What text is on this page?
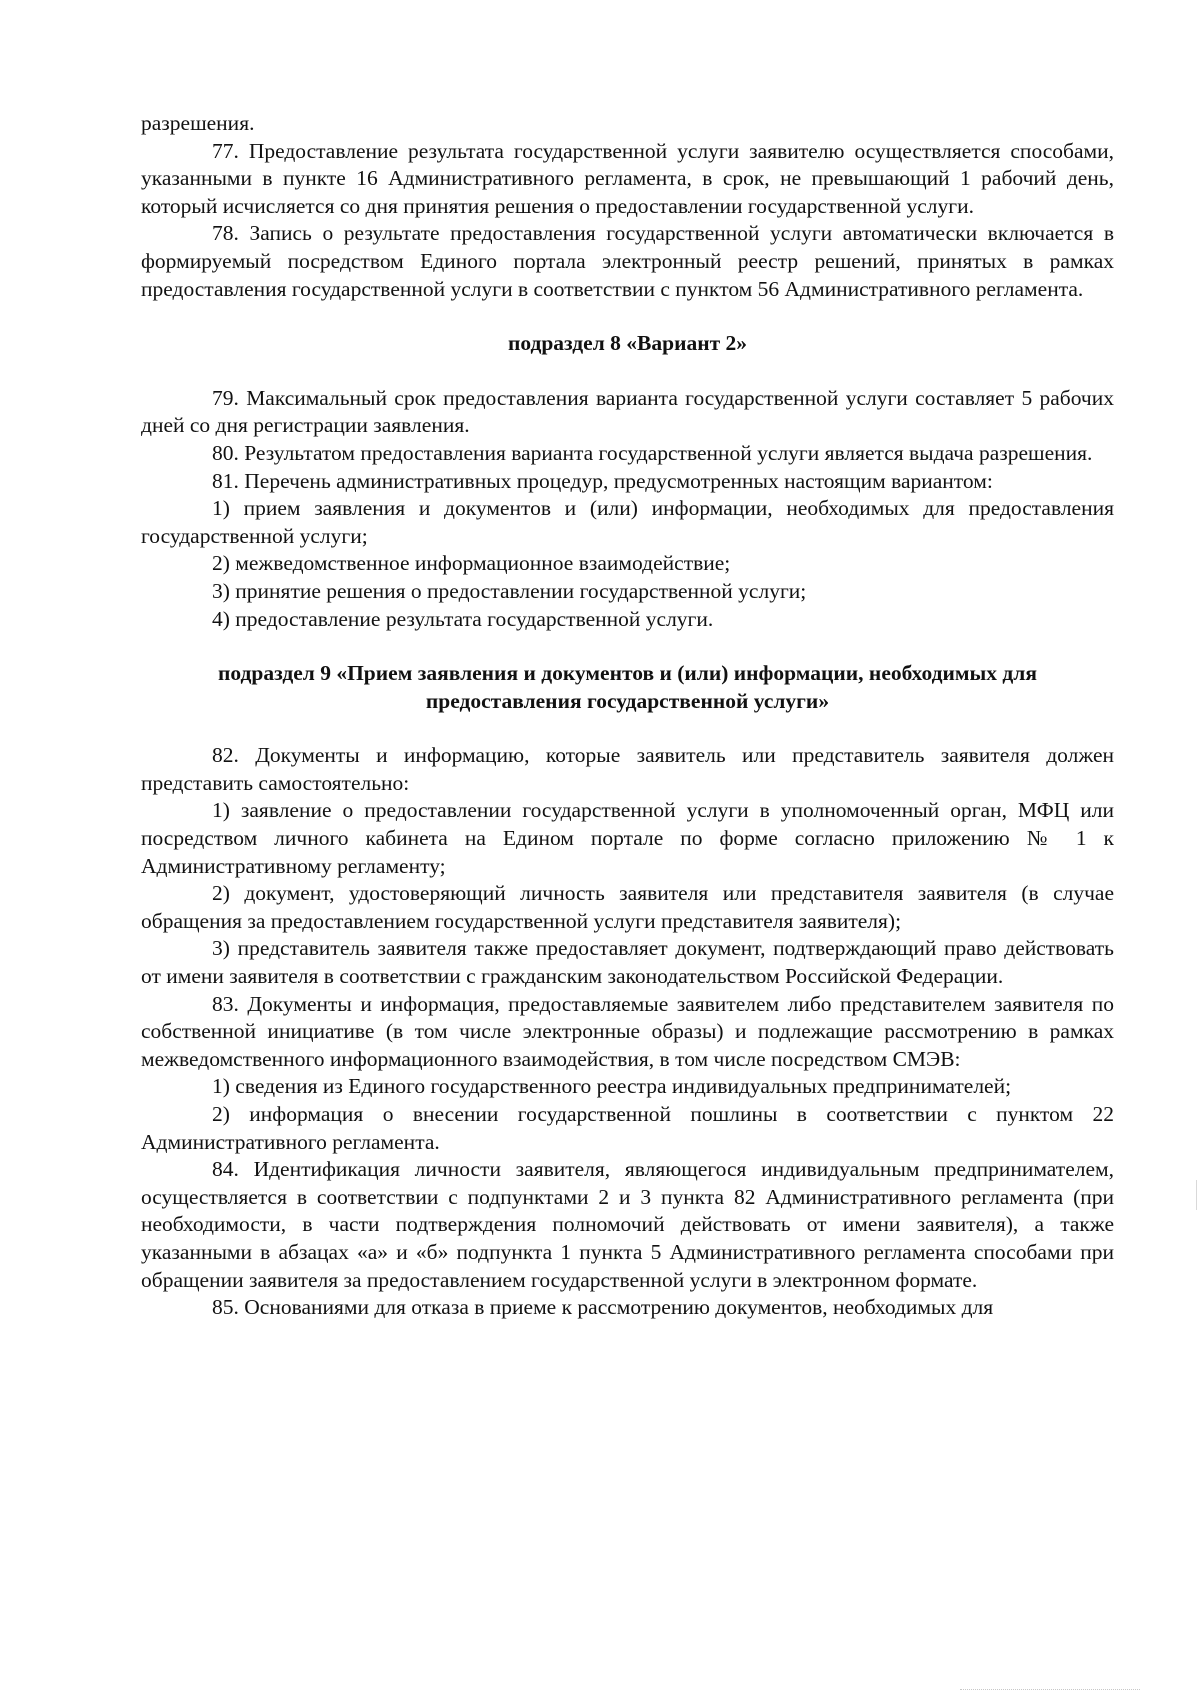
разрешения.

77. Предоставление результата государственной услуги заявителю осуществляется способами, указанными в пункте 16 Административного регламента, в срок, не превышающий 1 рабочий день, который исчисляется со дня принятия решения о предоставлении государственной услуги.

78. Запись о результате предоставления государственной услуги автоматически включается в формируемый посредством Единого портала электронный реестр решений, принятых в рамках предоставления государственной услуги в соответствии с пунктом 56 Административного регламента.

подраздел 8 «Вариант 2»

79. Максимальный срок предоставления варианта государственной услуги составляет 5 рабочих дней со дня регистрации заявления.

80. Результатом предоставления варианта государственной услуги является выдача разрешения.

81. Перечень административных процедур, предусмотренных настоящим вариантом:

1) прием заявления и документов и (или) информации, необходимых для предоставления государственной услуги;

2) межведомственное информационное взаимодействие;

3) принятие решения о предоставлении государственной услуги;

4) предоставление результата государственной услуги.

подраздел 9 «Прием заявления и документов и (или) информации, необходимых для предоставления государственной услуги»

82. Документы и информацию, которые заявитель или представитель заявителя должен представить самостоятельно:

1) заявление о предоставлении государственной услуги в уполномоченный орган, МФЦ или посредством личного кабинета на Едином портале по форме согласно приложению № 1 к Административному регламенту;

2) документ, удостоверяющий личность заявителя или представителя заявителя (в случае обращения за предоставлением государственной услуги представителя заявителя);

3) представитель заявителя также предоставляет документ, подтверждающий право действовать от имени заявителя в соответствии с гражданским законодательством Российской Федерации.

83. Документы и информация, предоставляемые заявителем либо представителем заявителя по собственной инициативе (в том числе электронные образы) и подлежащие рассмотрению в рамках межведомственного информационного взаимодействия, в том числе посредством СМЭВ:

1) сведения из Единого государственного реестра индивидуальных предпринимателей;

2) информация о внесении государственной пошлины в соответствии с пунктом 22 Административного регламента.

84. Идентификация личности заявителя, являющегося индивидуальным предпринимателем, осуществляется в соответствии с подпунктами 2 и 3 пункта 82 Административного регламента (при необходимости, в части подтверждения полномочий действовать от имени заявителя), а также указанными в абзацах «а» и «б» подпункта 1 пункта 5 Административного регламента способами при обращении заявителя за предоставлением государственной услуги в электронном формате.

85. Основаниями для отказа в приеме к рассмотрению документов, необходимых для
